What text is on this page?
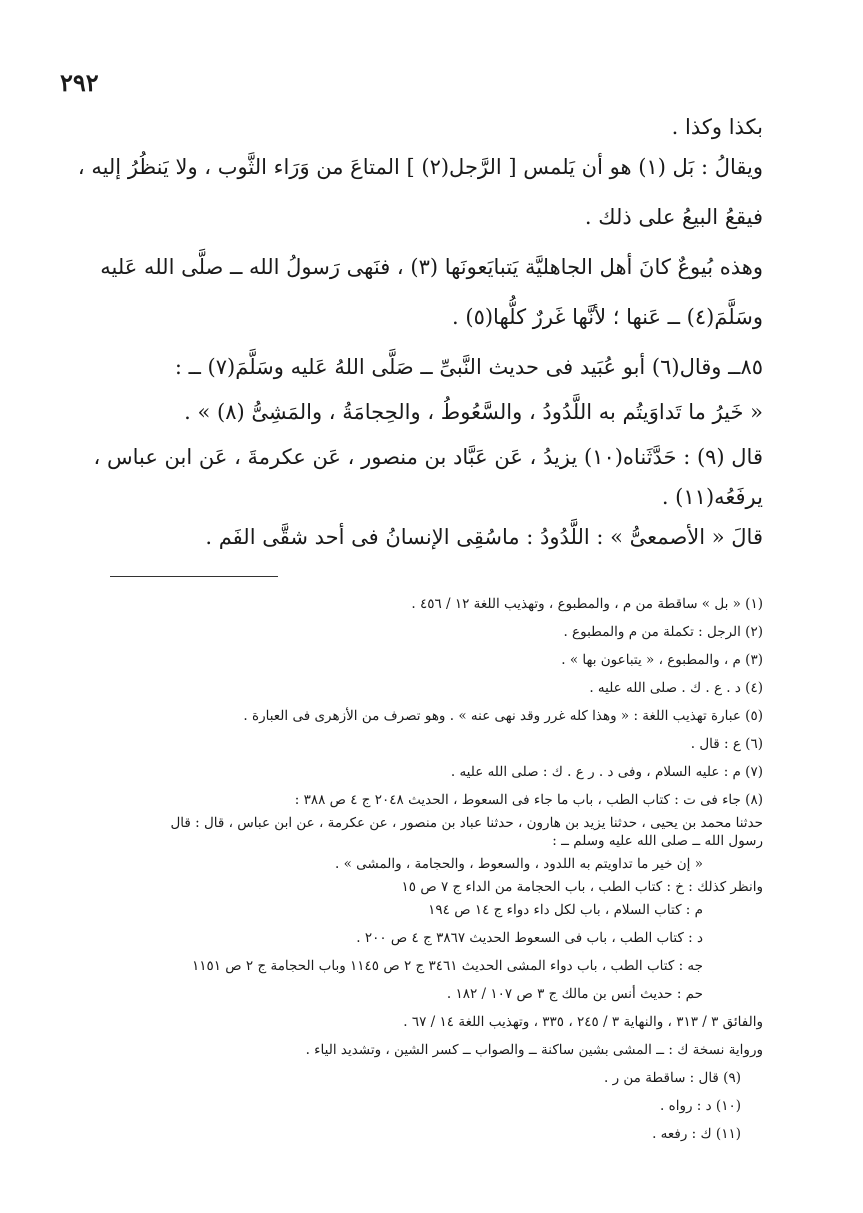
٢٩٢

بكذا وكذا .

ويقالُ : بَل (١) هو أن يَلمس [ الرَّجل(٢) ] المتاعَ من وَرَاء الثَّوب ، ولا يَنظُرُ إليه ،

فيقعُ البيعُ على ذلك .

وهذه بُيوعٌ كانَ أهل الجاهليَّة يَتبايَعونَها (٣) ، فنَهى رَسولُ الله ــ صلَّى الله عَليه

وسَلَّمَ(٤) ــ عَنها ؛ لأنَّها غَررٌ كلُّها(٥) .

٨٥ــ وقال(٦) أبو عُبَيد فى حديث النَّبىِّ ــ صَلَّى اللهُ عَليه وسَلَّمَ(٧) ــ :

« خَيرُ ما تَداوَيتُم به اللَّدُودُ ، والسَّعُوطُ ، والحِجامَةُ ، والمَشِىُّ (٨) » .

قال (٩) : حَدَّثَناه(١٠) يزيدُ ، عَن عَبَّاد بن منصور ، عَن عكرمةَ ، عَن ابن عباس ،

يرفَعُه(١١) .

قالَ « الأصمعىُّ » : اللَّدُودُ : ماسُقِى الإنسانُ فى أحد شقَّى الفَم .

(١) « بل » ساقطة من م ، والمطبوع ، وتهذيب اللغة ١٢ / ٤٥٦ .

(٢) الرجل : تكملة من م والمطبوع .

(٣) م ، والمطبوع ، « يتباعون بها » .

(٤) د . ع . ك . صلى الله عليه .

(٥) عبارة تهذيب اللغة : « وهذا كله غرر وقد نهى عنه » . وهو تصرف من الأزهرى فى العبارة .

(٦) ع : قال .

(٧) م : عليه السلام ، وفى د . ر ع . ك : صلى الله عليه .

(٨) جاء فى ت : كتاب الطب ، باب ما جاء فى السعوط ، الحديث ٢٠٤٨ ج ٤ ص ٣٨٨ :

حدثنا محمد بن يحيى ، حدثنا يزيد بن هارون ، حدثنا عباد بن منصور ، عن عكرمة ، عن ابن عباس ، قال : قال

رسول الله ــ صلى الله عليه وسلم ــ :

« إن خير ما تداويتم به اللدود ، والسعوط ، والحجامة ، والمشى » .

وانظر كذلك : خ : كتاب الطب ، باب الحجامة من الداء ج ٧ ص ١٥

م : كتاب السلام ، باب لكل داء دواء ج ١٤ ص ١٩٤

د : كتاب الطب ، باب فى السعوط الحديث ٣٨٦٧ ج ٤ ص ٢٠٠ .

جه : كتاب الطب ، باب دواء المشى الحديث ٣٤٦١ ج ٢ ص ١١٤٥ وباب الحجامة ج ٢ ص ١١٥١

حم : حديث أنس بن مالك ج ٣ ص ١٠٧ / ١٨٢ .

والفائق ٣ / ٣١٣ ، والنهاية ٣ / ٢٤٥ ، ٣٣٥ ، وتهذيب اللغة ١٤ / ٦٧ .

ورواية نسخة ك : ــ المشى بشين ساكنة ــ والصواب ــ كسر الشين ، وتشديد الياء .

(٩) قال : ساقطة من ر .

(١٠) د : رواه .

(١١) ك : رفعه .
